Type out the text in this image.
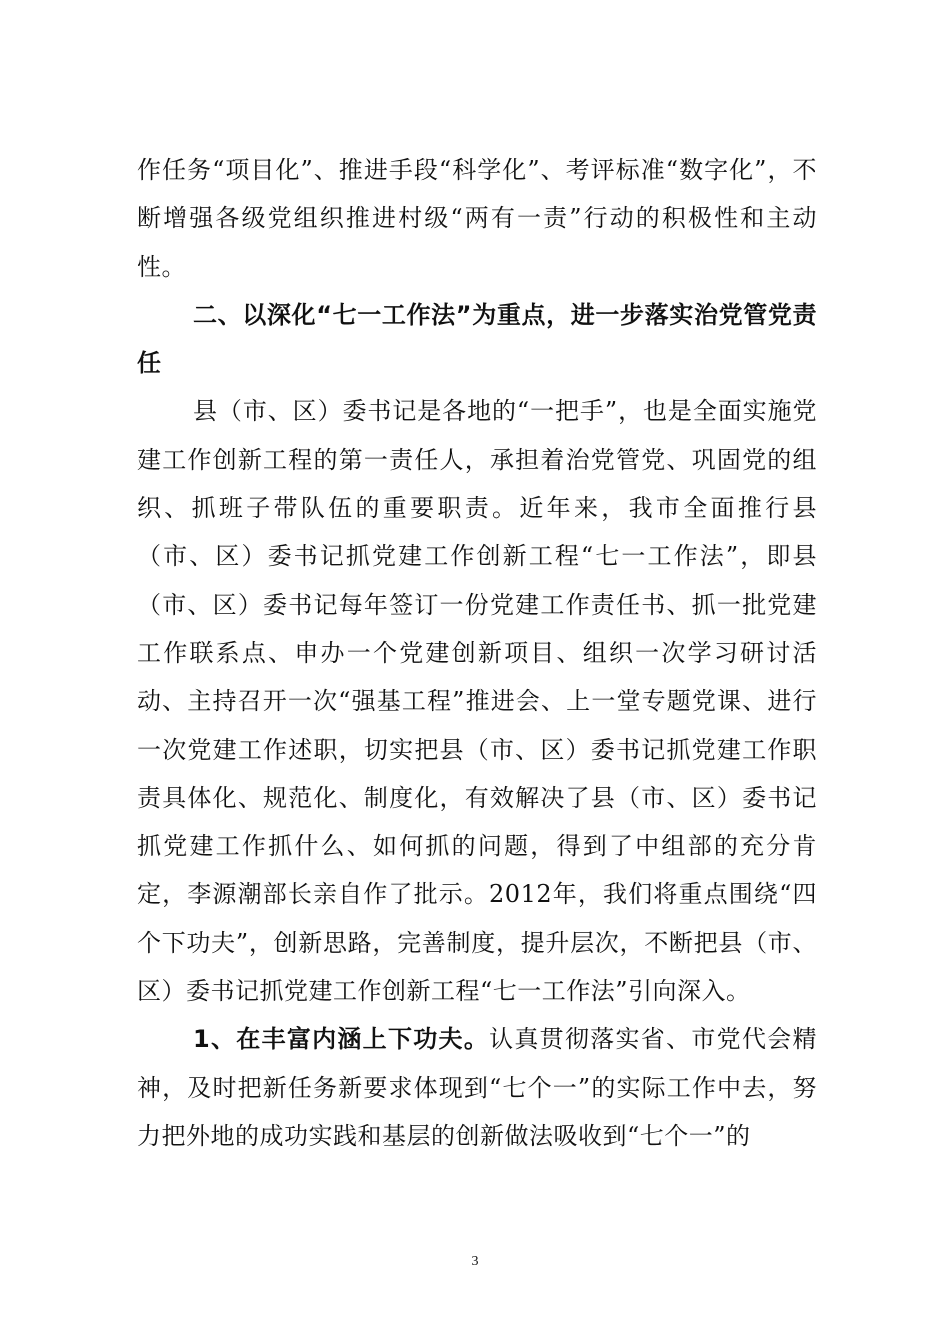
作任务“项目化”、推进手段“科学化”、考评标准“数字化”，不断增强各级党组织推进村级“两有一责”行动的积极性和主动性。

二、以深化“七一工作法”为重点，进一步落实治党管党责任

县（市、区）委书记是各地的“一把手”，也是全面实施党建工作创新工程的第一责任人，承担着治党管党、巩固党的组织、抓班子带队伍的重要职责。近年来，我市全面推行县（市、区）委书记抓党建工作创新工程“七一工作法”，即县（市、区）委书记每年签订一份党建工作责任书、抓一批党建工作联系点、申办一个党建创新项目、组织一次学习研讨活动、主持召开一次“强基工程”推进会、上一堂专题党课、进行一次党建工作述职，切实把县（市、区）委书记抓党建工作职责具体化、规范化、制度化，有效解决了县（市、区）委书记抓党建工作抓什么、如何抓的问题，得到了中组部的充分肯定，李源潮部长亲自作了批示。2012年，我们将重点围绕“四个下功夫”，创新思路，完善制度，提升层次，不断把县（市、区）委书记抓党建工作创新工程“七一工作法”引向深入。

1、在丰富内涵上下功夫。认真贯彻落实省、市党代会精神，及时把新任务新要求体现到“七个一”的实际工作中去，努力把外地的成功实践和基层的创新做法吸收到“七个一”的

3
